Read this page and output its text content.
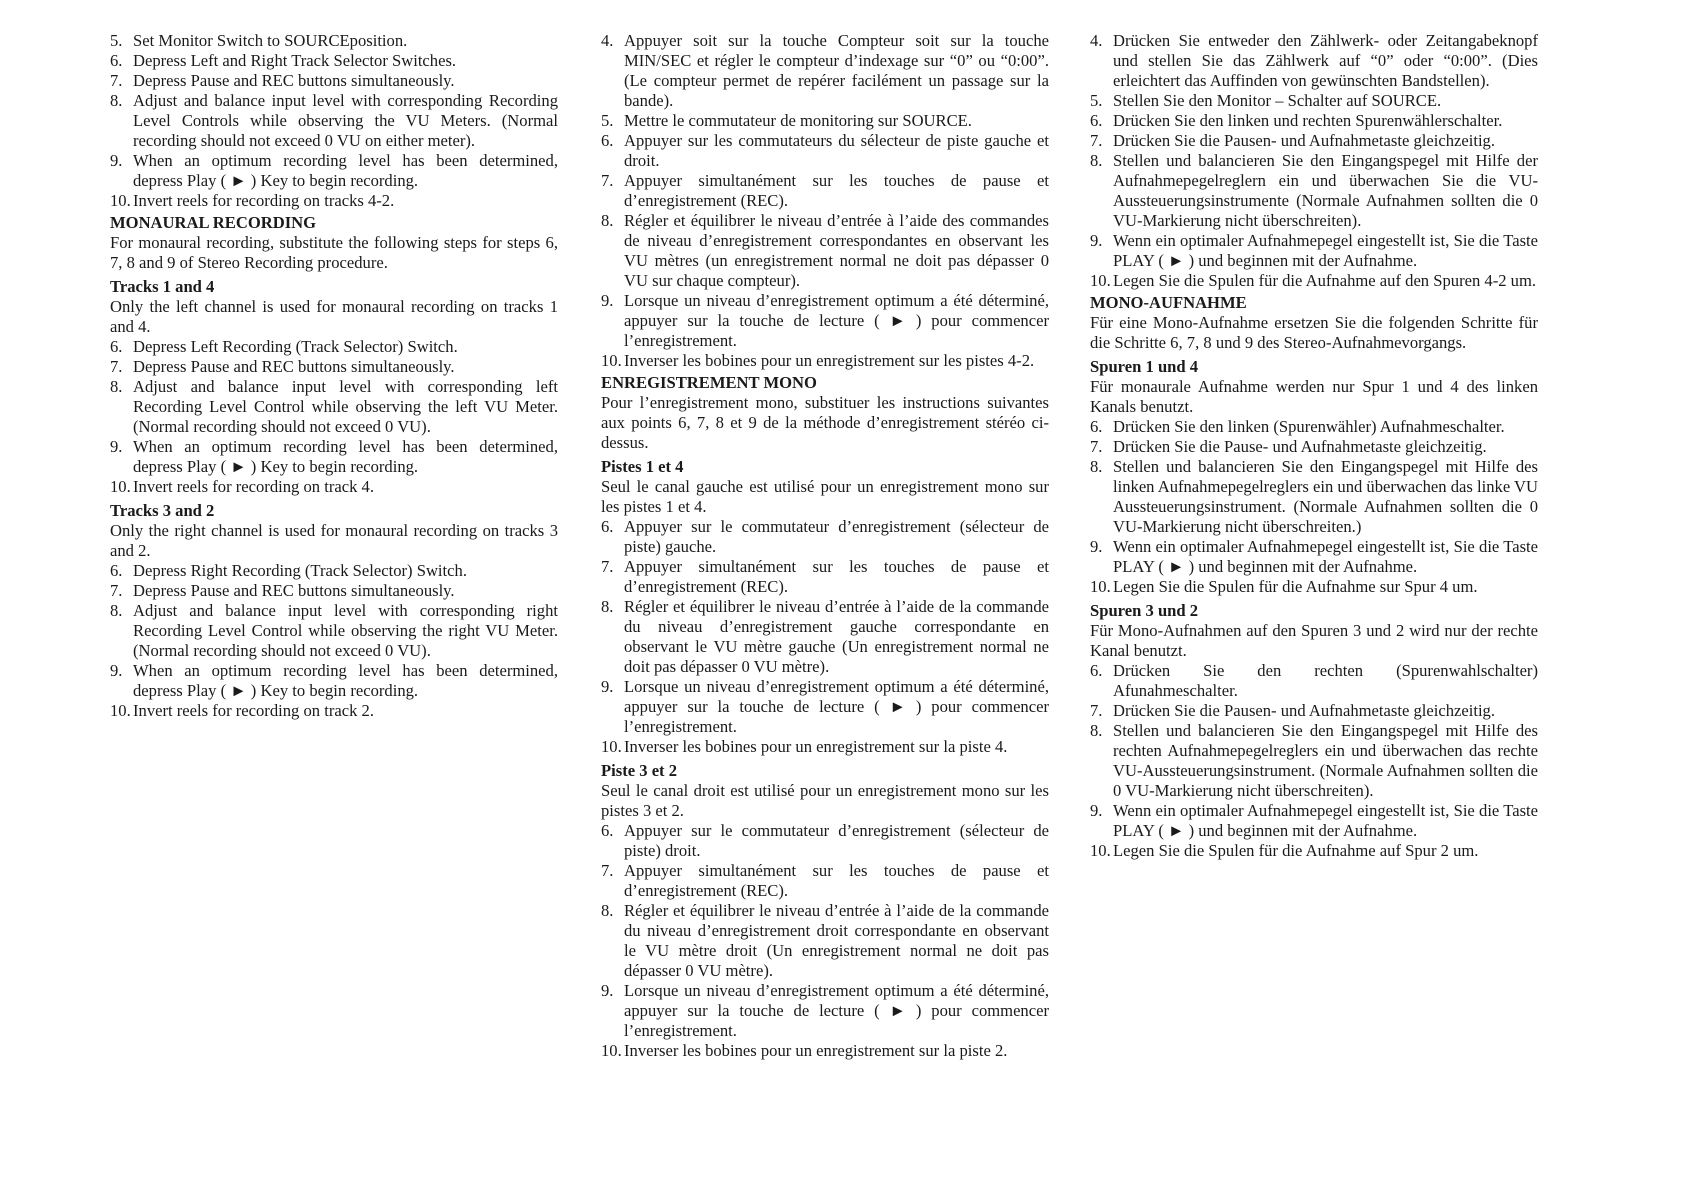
5. Set Monitor Switch to SOURCEposition.
6. Depress Left and Right Track Selector Switches.
7. Depress Pause and REC buttons simultaneously.
8. Adjust and balance input level with corresponding Recording Level Controls while observing the VU Meters. (Normal recording should not exceed 0 VU on either meter).
9. When an optimum recording level has been determined, depress Play ( ► ) Key to begin recording.
10. Invert reels for recording on tracks 4-2.
MONAURAL RECORDING
For monaural recording, substitute the following steps for steps 6, 7, 8 and 9 of Stereo Recording procedure.
Tracks 1 and 4
Only the left channel is used for monaural recording on tracks 1 and 4.
6. Depress Left Recording (Track Selector) Switch.
7. Depress Pause and REC buttons simultaneously.
8. Adjust and balance input level with corresponding left Recording Level Control while observing the left VU Meter. (Normal recording should not exceed 0 VU).
9. When an optimum recording level has been determined, depress Play ( ► ) Key to begin recording.
10. Invert reels for recording on track 4.
Tracks 3 and 2
Only the right channel is used for monaural recording on tracks 3 and 2.
6. Depress Right Recording (Track Selector) Switch.
7. Depress Pause and REC buttons simultaneously.
8. Adjust and balance input level with corresponding right Recording Level Control while observing the right VU Meter. (Normal recording should not exceed 0 VU).
9. When an optimum recording level has been determined, depress Play ( ► ) Key to begin recording.
10. Invert reels for recording on track 2.
4. Appuyer soit sur la touche Compteur soit sur la touche MIN/SEC et régler le compteur d’indexage sur “0” ou “0:00”. (Le compteur permet de repérer facilément un passage sur la bande).
5. Mettre le commutateur de monitoring sur SOURCE.
6. Appuyer sur les commutateurs du sélecteur de piste gauche et droit.
7. Appuyer simultanément sur les touches de pause et d’enregistrement (REC).
8. Régler et équilibrer le niveau d’entrée à l’aide des commandes de niveau d’enregistrement correspondantes en observant les VU mètres (un enregistrement normal ne doit pas dépasser 0 VU sur chaque compteur).
9. Lorsque un niveau d’enregistrement optimum a été déterminé, appuyer sur la touche de lecture ( ► ) pour commencer l’enregistrement.
10. Inverser les bobines pour un enregistrement sur les pistes 4-2.
ENREGISTREMENT MONO
Pour l’enregistrement mono, substituer les instructions suivantes aux points 6, 7, 8 et 9 de la méthode d’enregistrement stéréo ci-dessus.
Pistes 1 et 4
Seul le canal gauche est utilisé pour un enregistrement mono sur les pistes 1 et 4.
6. Appuyer sur le commutateur d’enregistrement (sélecteur de piste) gauche.
7. Appuyer simultanément sur les touches de pause et d’enregistrement (REC).
8. Régler et équilibrer le niveau d’entrée à l’aide de la commande du niveau d’enregistrement gauche correspondante en observant le VU mètre gauche (Un enregistrement normal ne doit pas dépasser 0 VU mètre).
9. Lorsque un niveau d’enregistrement optimum a été déterminé, appuyer sur la touche de lecture ( ► ) pour commencer l’enregistrement.
10. Inverser les bobines pour un enregistrement sur la piste 4.
Piste 3 et 2
Seul le canal droit est utilisé pour un enregistrement mono sur les pistes 3 et 2.
6. Appuyer sur le commutateur d’enregistrement (sélecteur de piste) droit.
7. Appuyer simultanément sur les touches de pause et d’enregistrement (REC).
8. Régler et équilibrer le niveau d’entrée à l’aide de la commande du niveau d’enregistrement droit correspondante en observant le VU mètre droit (Un enregistrement normal ne doit pas dépasser 0 VU mètre).
9. Lorsque un niveau d’enregistrement optimum a été déterminé, appuyer sur la touche de lecture ( ► ) pour commencer l’enregistrement.
10. Inverser les bobines pour un enregistrement sur la piste 2.
4. Drücken Sie entweder den Zählwerk- oder Zeitangabeknopf und stellen Sie das Zählwerk auf “0” oder “0:00”. (Dies erleichtert das Auffinden von gewünschten Bandstellen).
5. Stellen Sie den Monitor – Schalter auf SOURCE.
6. Drücken Sie den linken und rechten Spurenwählerschalter.
7. Drücken Sie die Pausen- und Aufnahmetaste gleichzeitig.
8. Stellen und balancieren Sie den Eingangspegel mit Hilfe der Aufnahmepegelreglern ein und überwachen Sie die VU-Aussteuerungsinstrumente (Normale Aufnahmen sollten die 0 VU-Markierung nicht überschreiten).
9. Wenn ein optimaler Aufnahmepegel eingestellt ist, Sie die Taste PLAY ( ► ) und beginnen mit der Aufnahme.
10. Legen Sie die Spulen für die Aufnahme auf den Spuren 4-2 um.
MONO-AUFNAHME
Für eine Mono-Aufnahme ersetzen Sie die folgenden Schritte für die Schritte 6, 7, 8 und 9 des Stereo-Aufnahmevorgangs.
Spuren 1 und 4
Für monaurale Aufnahme werden nur Spur 1 und 4 des linken Kanals benutzt.
6. Drücken Sie den linken (Spurenwähler) Aufnahmeschalter.
7. Drücken Sie die Pause- und Aufnahmetaste gleichzeitig.
8. Stellen und balancieren Sie den Eingangspegel mit Hilfe des linken Aufnahmepegelreglers ein und überwachen das linke VU Aussteuerungsinstrument. (Normale Aufnahmen sollten die 0 VU-Markierung nicht überschreiten.)
9. Wenn ein optimaler Aufnahmepegel eingestellt ist, Sie die Taste PLAY ( ► ) und beginnen mit der Aufnahme.
10. Legen Sie die Spulen für die Aufnahme sur Spur 4 um.
Spuren 3 und 2
Für Mono-Aufnahmen auf den Spuren 3 und 2 wird nur der rechte Kanal benutzt.
6. Drücken Sie den rechten (Spurenwahlschalter) Afunahmeschalter.
7. Drücken Sie die Pausen- und Aufnahmetaste gleichzeitig.
8. Stellen und balancieren Sie den Eingangspegel mit Hilfe des rechten Aufnahmepegelreglers ein und überwachen das rechte VU-Aussteuerungsinstrument. (Normale Aufnahmen sollten die 0 VU-Markierung nicht überschreiten).
9. Wenn ein optimaler Aufnahmepegel eingestellt ist, Sie die Taste PLAY ( ► ) und beginnen mit der Aufnahme.
10. Legen Sie die Spulen für die Aufnahme auf Spur 2 um.
